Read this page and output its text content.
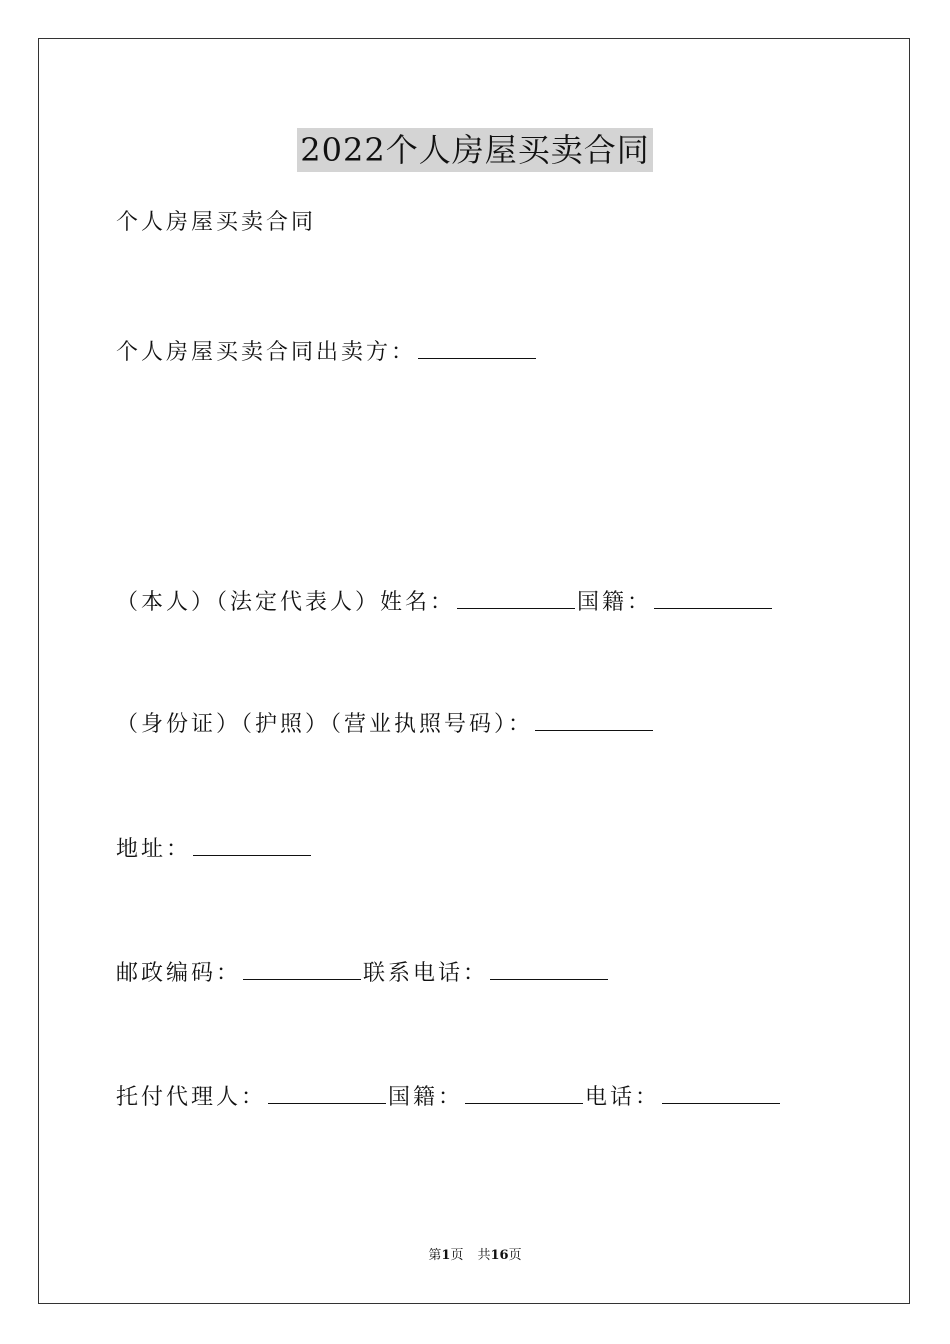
2022个人房屋买卖合同
个人房屋买卖合同
个人房屋买卖合同出卖方：
（本人）（法定代表人）姓名：	国籍：
（身份证）（护照）（营业执照号码）：
地址：
邮政编码：	联系电话：
托付代理人：	国籍：	电话：
第1页 共16页
